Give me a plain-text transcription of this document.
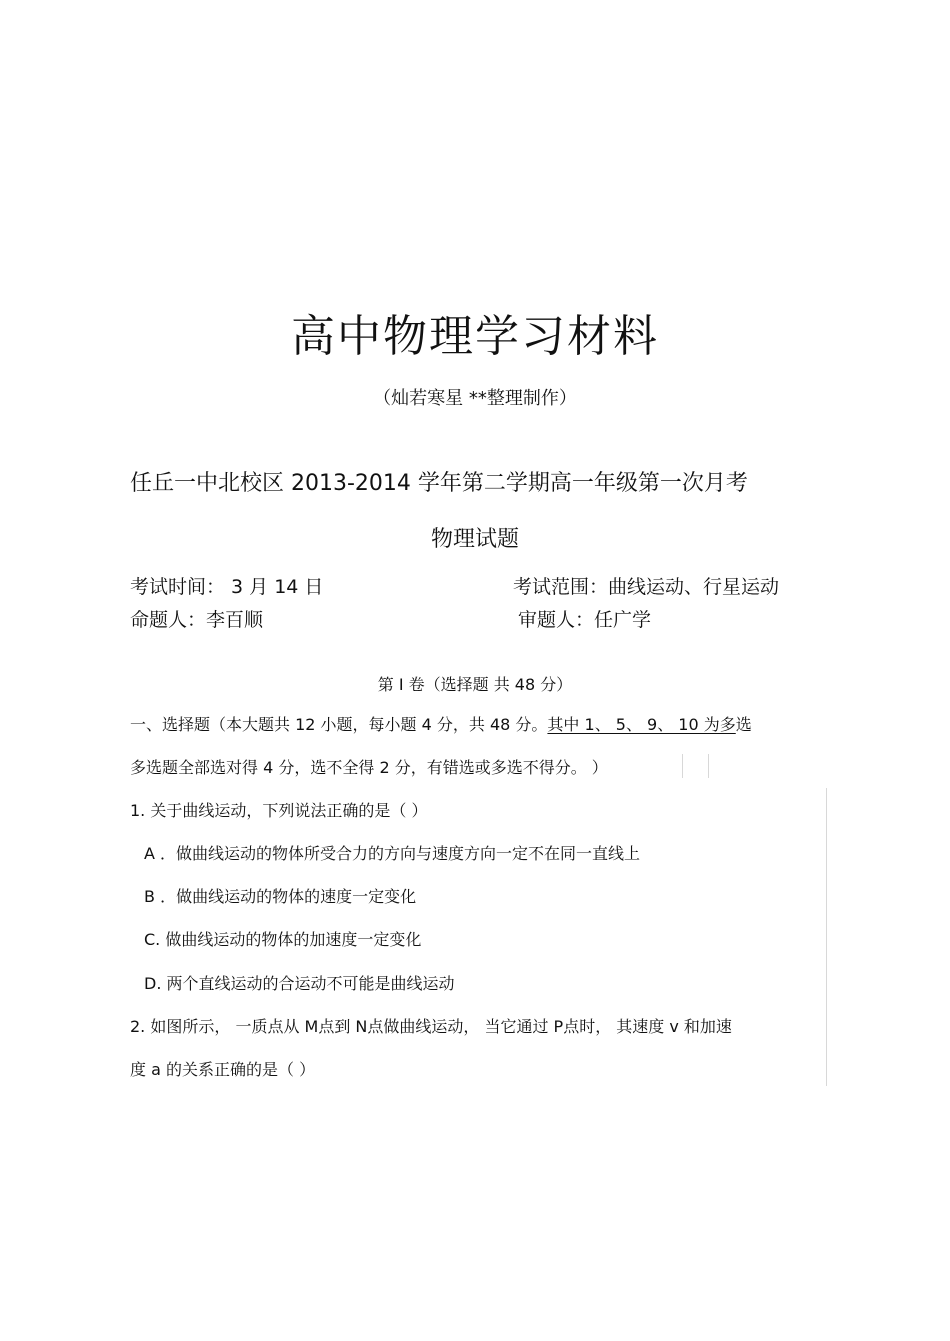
高中物理学习材料
（灿若寒星 **整理制作）
任丘一中北校区 2013-2014 学年第二学期高一年级第一次月考
物理试题
考试时间： 3 月 14 日	考试范围：曲线运动、行星运动
命题人：李百顺	审题人：任广学
第 I 卷（选择题 共 48 分）
一、选择题（本大题共 12 小题，每小题 4 分，共 48 分。其中 1、 5、 9、 10 为多选
多选题全部选对得 4 分，选不全得 2 分，有错选或多选不得分。 ）
1. 关于曲线运动，下列说法正确的是（ ）
A ．做曲线运动的物体所受合力的方向与速度方向一定不在同一直线上
B ．做曲线运动的物体的速度一定变化
C. 做曲线运动的物体的加速度一定变化
D. 两个直线运动的合运动不可能是曲线运动
2. 如图所示， 一质点从 M点到 N点做曲线运动， 当它通过 P点时， 其速度 v 和加速
度 a 的关系正确的是（ ）
